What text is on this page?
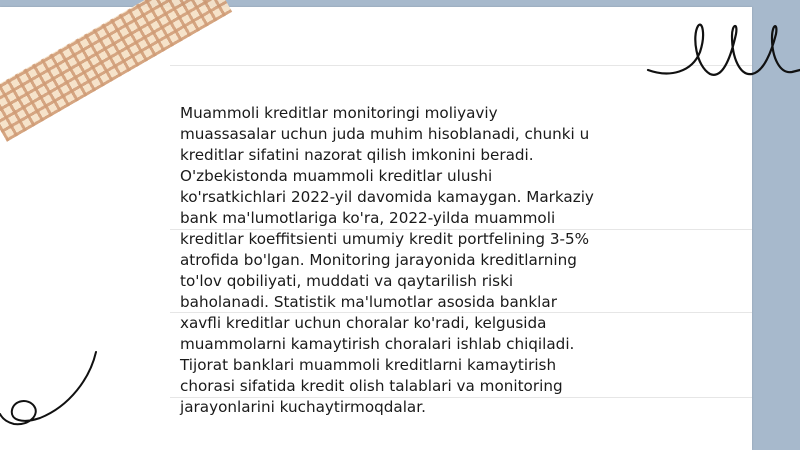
Muammoli kreditlar monitoringi moliyaviy
muassasalar uchun juda muhim hisoblanadi, chunki u
kreditlar sifatini nazorat qilish imkonini beradi.
O'zbekistonda muammoli kreditlar ulushi
ko'rsatkichlari 2022-yil davomida kamaygan. Markaziy
bank ma'lumotlariga ko'ra, 2022-yilda muammoli
kreditlar koeffitsienti umumiy kredit portfelining 3-5%
atrofida bo'lgan. Monitoring jarayonida kreditlarning
to'lov qobiliyati, muddati va qaytarilish riski
baholanadi. Statistik ma'lumotlar asosida banklar
xavfli kreditlar uchun choralar ko'radi, kelgusida
muammolarni kamaytirish choralari ishlab chiqiladi.
Tijorat banklari muammoli kreditlarni kamaytirish
chorasi sifatida kredit olish talablari va monitoring
jarayonlarini kuchaytirmoqdalar.
